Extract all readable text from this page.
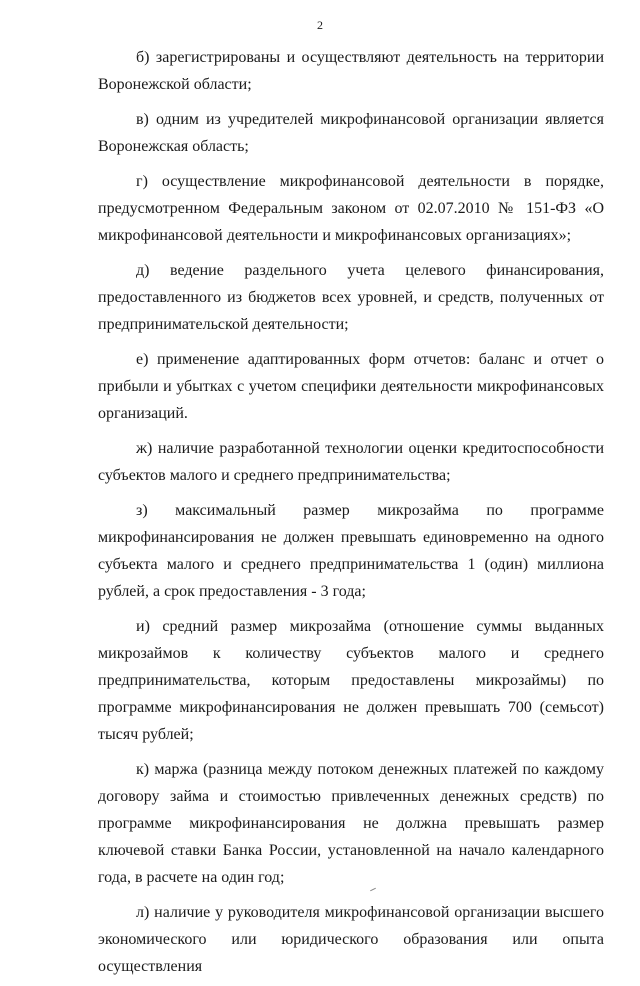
2

б) зарегистрированы и осуществляют деятельность на территории Воронежской области;

в) одним из учредителей микрофинансовой организации является Воронежская область;

г) осуществление микрофинансовой деятельности в порядке, предусмотренном Федеральным законом от 02.07.2010 № 151-ФЗ «О микрофинансовой деятельности и микрофинансовых организациях»;

д) ведение раздельного учета целевого финансирования, предоставленного из бюджетов всех уровней, и средств, полученных от предпринимательской деятельности;

е) применение адаптированных форм отчетов: баланс и отчет о прибыли и убытках с учетом специфики деятельности микрофинансовых организаций.

ж) наличие разработанной технологии оценки кредитоспособности субъектов малого и среднего предпринимательства;

з) максимальный размер микрозайма по программе микрофинансирования не должен превышать единовременно на одного субъекта малого и среднего предпринимательства 1 (один) миллиона рублей, а срок предоставления - 3 года;

и) средний размер микрозайма (отношение суммы выданных микрозаймов к количеству субъектов малого и среднего предпринимательства, которым предоставлены микрозаймы) по программе микрофинансирования не должен превышать 700 (семьсот) тысяч рублей;

к) маржа (разница между потоком денежных платежей по каждому договору займа и стоимостью привлеченных денежных средств) по программе микрофинансирования не должна превышать размер ключевой ставки Банка России, установленной на начало календарного года, в расчете на один год;

л) наличие у руководителя микрофинансовой организации высшего экономического или юридического образования или опыта осуществления
